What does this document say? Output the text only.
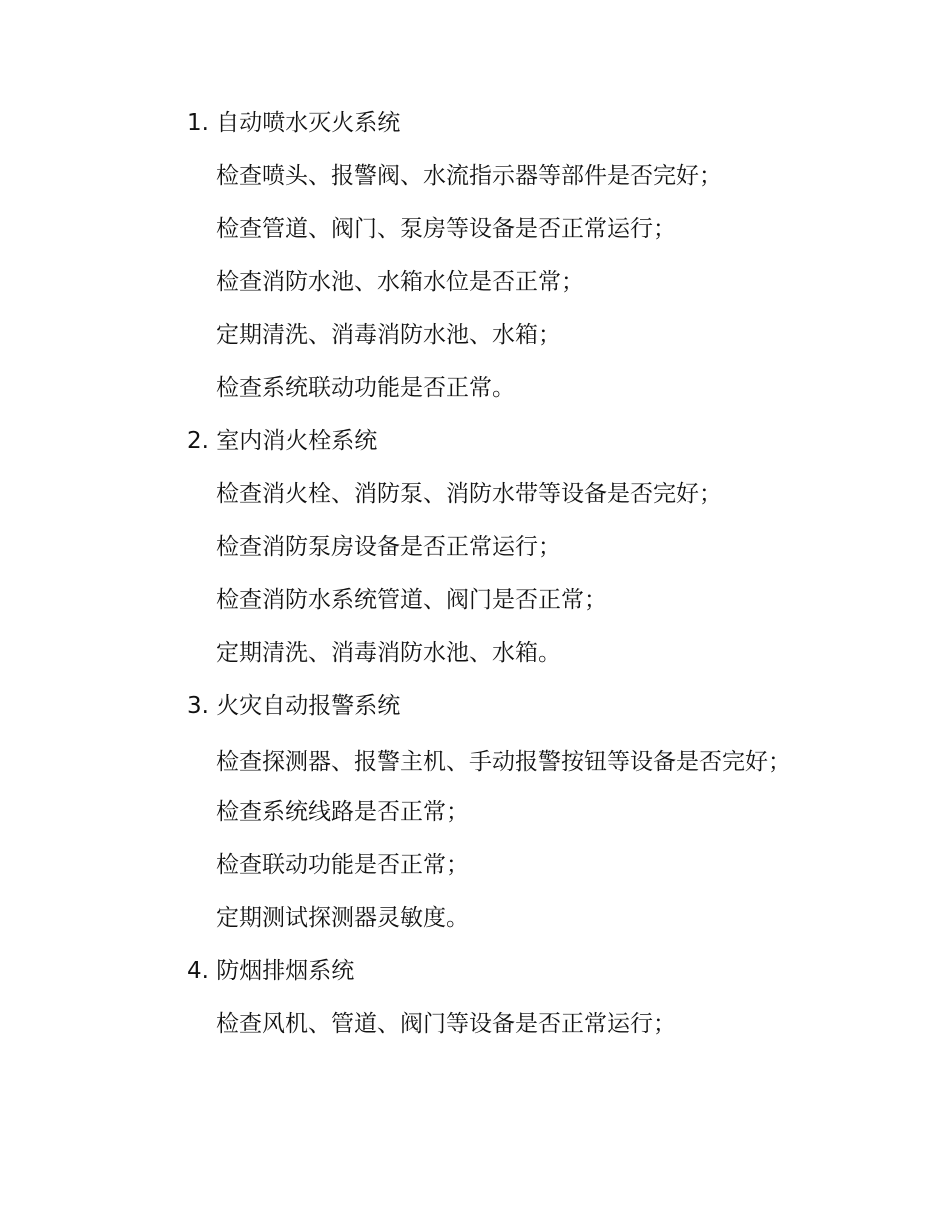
1. 自动喷水灭火系统
检查喷头、报警阀、水流指示器等部件是否完好；
检查管道、阀门、泵房等设备是否正常运行；
检查消防水池、水箱水位是否正常；
定期清洗、消毒消防水池、水箱；
检查系统联动功能是否正常。
2. 室内消火栓系统
检查消火栓、消防泵、消防水带等设备是否完好；
检查消防泵房设备是否正常运行；
检查消防水系统管道、阀门是否正常；
定期清洗、消毒消防水池、水箱。
3. 火灾自动报警系统
检查探测器、报警主机、手动报警按钮等设备是否完好；
检查系统线路是否正常；
检查联动功能是否正常；
定期测试探测器灵敏度。
4. 防烟排烟系统
检查风机、管道、阀门等设备是否正常运行；
